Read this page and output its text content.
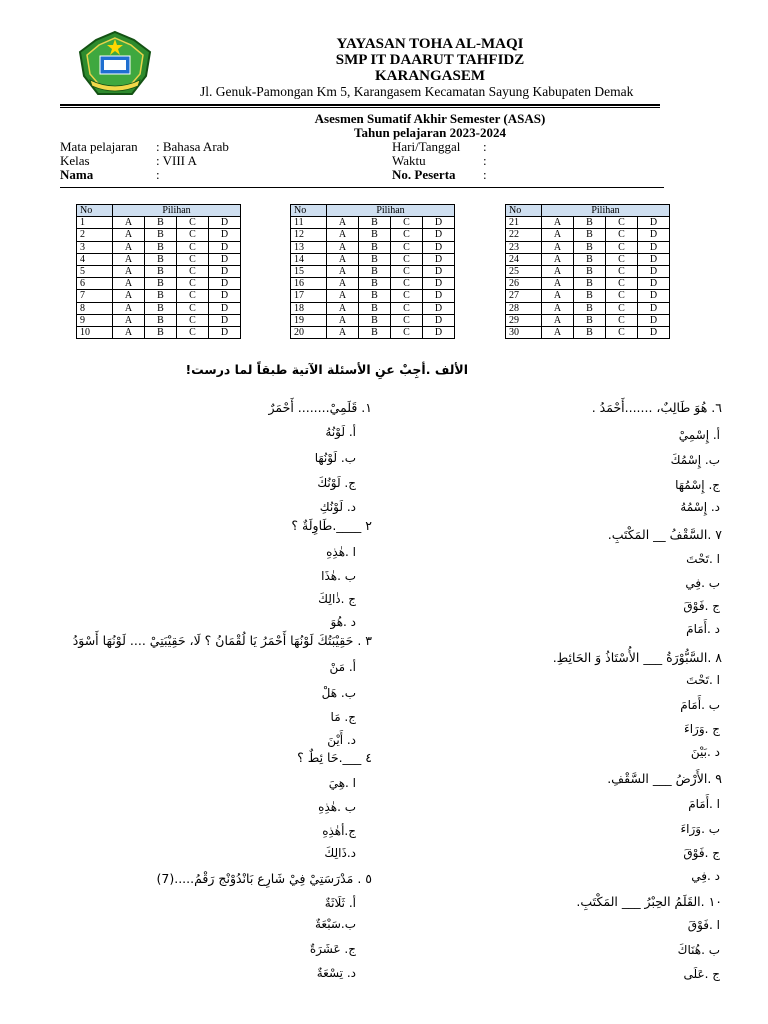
YAYASAN TOHA AL-MAQI
SMP IT DAARUT TAHFIDZ
KARANGASEM
Jl. Genuk-Pamongan Km 5, Karangasem Kecamatan Sayung Kabupaten Demak
Asesmen Sumatif Akhir Semester (ASAS)
Tahun pelajaran 2023-2024
Mata pelajaran : Bahasa Arab
Kelas	: VIII A
Nama	:
Hari/Tanggal :
Waktu	:
No. Peserta :
No	Pilihan			
1	A	B	C	D
2	A	B	C	D
3	A	B	C	D
4	A	B	C	D
5	A	B	C	D
6	A	B	C	D
7	A	B	C	D
8	A	B	C	D
9	A	B	C	D
10	A	B	C	D
No	Pilihan			
11	A	B	C	D
12	A	B	C	D
13	A	B	C	D
14	A	B	C	D
15	A	B	C	D
16	A	B	C	D
17	A	B	C	D
18	A	B	C	D
19	A	B	C	D
20	A	B	C	D
No	Pilihan			
21	A	B	C	D
22	A	B	C	D
23	A	B	C	D
24	A	B	C	D
25	A	B	C	D
26	A	B	C	D
27	A	B	C	D
28	A	B	C	D
29	A	B	C	D
30	A	B	C	D
الألف .أجِبْ عنِ الأسئلة الآتية طبقاً لما درست!
١. قَلَمِيْ........ أَحْمَرٌ
أ. لَوْنُهُ
ب. لَوْنُهَا
ج. لَوْنُكَ
د. لَوْنُكِ
٢ ____.طَاوِلَةٌ ؟
ا .هٰذِهِ
ب .هٰذَا
ج .ذٰالِكَ
د .هُوَ
٣ . حَقِيْبَتُكَ لَوْنُهَا أَحْمَرُ يَا لُقْمَانُ ؟ لَا، حَقِيْبَتِيْ .... لَوْنُهَا أَسْوَدُ
أ. مَنْ
ب. هَلْ
ج. مَا
د. أَيْنَ
٤ ___.حَا ئِطٌ ؟
ا .هِيَ
ب .هٰذِهِ
ج.أهٰذِهِ
د.ذَالِكَ
٥ . مَدْرَسَتِيْ فِيْ شَارِع بَانْدُوْنْج رَقْمُ.....(7)
أ. ثَلَاثَةٌ
ب.سَبْعَةٌ
ج. عَشَرَةٌ
د. تِسْعَةٌ
٦. هُوَ طَالِبٌ، .......أَحْمَدُ .
أ. إِسْمِيْ
ب. إِسْمُكَ
ج. إِسْمُهَا
د. إِسْمُهُ
٧ .السَّقْفُ __ المَكْتَبِ.
ا .تَحْتَ
ب .فِي
ج .فَوْقَ
د .أَمَامَ
٨ .السَّبُّوْرَةُ ___ الأُسْتَاذُ وَ الحَائِطِ.
ا .تَحْتَ
ب .أَمَامَ
ج .وَرَاءَ
د .بَيْنَ
٩ .الأَرْضُ ___ السَّقْفِ.
ا .أَمَامَ
ب .وَرَاءَ
ج .فَوْقَ
د .فِي
١٠ .القَلَمُ الحِبْرُ ___ المَكْتَبِ.
ا .فَوْقَ
ب .هُنَاكَ
ج .عَلَى
